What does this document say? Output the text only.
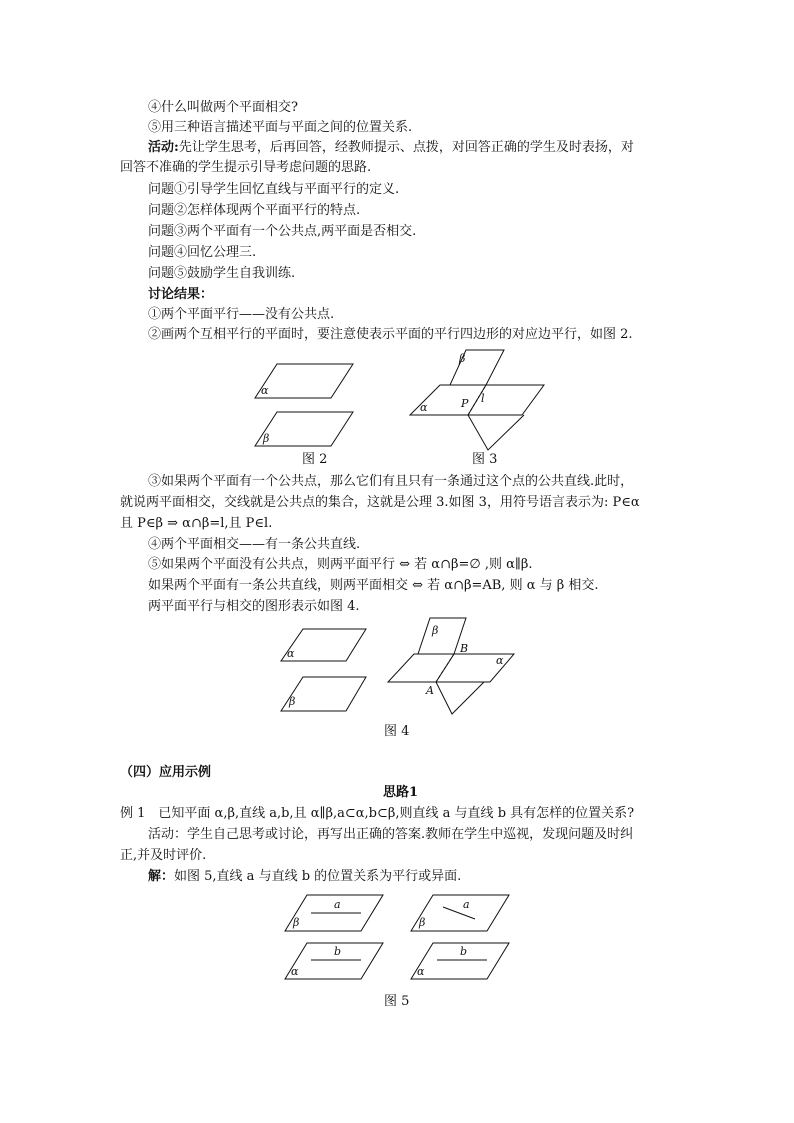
④什么叫做两个平面相交?
⑤用三种语言描述平面与平面之间的位置关系.
活动:先让学生思考，后再回答，经教师提示、点拨，对回答正确的学生及时表扬，对
回答不准确的学生提示引导考虑问题的思路.
问题①引导学生回忆直线与平面平行的定义.
问题②怎样体现两个平面平行的特点.
问题③两个平面有一个公共点,两平面是否相交.
问题④回忆公理三.
问题⑤鼓励学生自我训练.
讨论结果：
①两个平面平行——没有公共点.
②画两个互相平行的平面时，要注意使表示平面的平行四边形的对应边平行，如图 2.
α
β
图 2
β
α	P l
图 3
③如果两个平面有一个公共点，那么它们有且只有一条通过这个点的公共直线.此时，
就说两平面相交，交线就是公共点的集合，这就是公理 3.如图 3，用符号语言表示为: P∈α
且 P∈β ⇒ α∩β=l,且 P∈l.
④两个平面相交——有一条公共直线.
⑤如果两个平面没有公共点，则两平面平行 ⇔ 若 α∩β=∅ ,则 α∥β.
如果两个平面有一条公共直线，则两平面相交 ⇔ 若 α∩β=AB, 则 α 与 β 相交.
两平面平行与相交的图形表示如图 4.
α
β
β
α
B
A
图 4
（四）应用示例
思路1
例 1　已知平面 α,β,直线 a,b,且 α∥β,a⊂α,b⊂β,则直线 a 与直线 b 具有怎样的位置关系?
活动：学生自己思考或讨论，再写出正确的答案.教师在学生中巡视，发现问题及时纠
正,并及时评价.
解：如图 5,直线 a 与直线 b 的位置关系为平行或异面.
a
β
b
α
a
β
b
α
图 5
